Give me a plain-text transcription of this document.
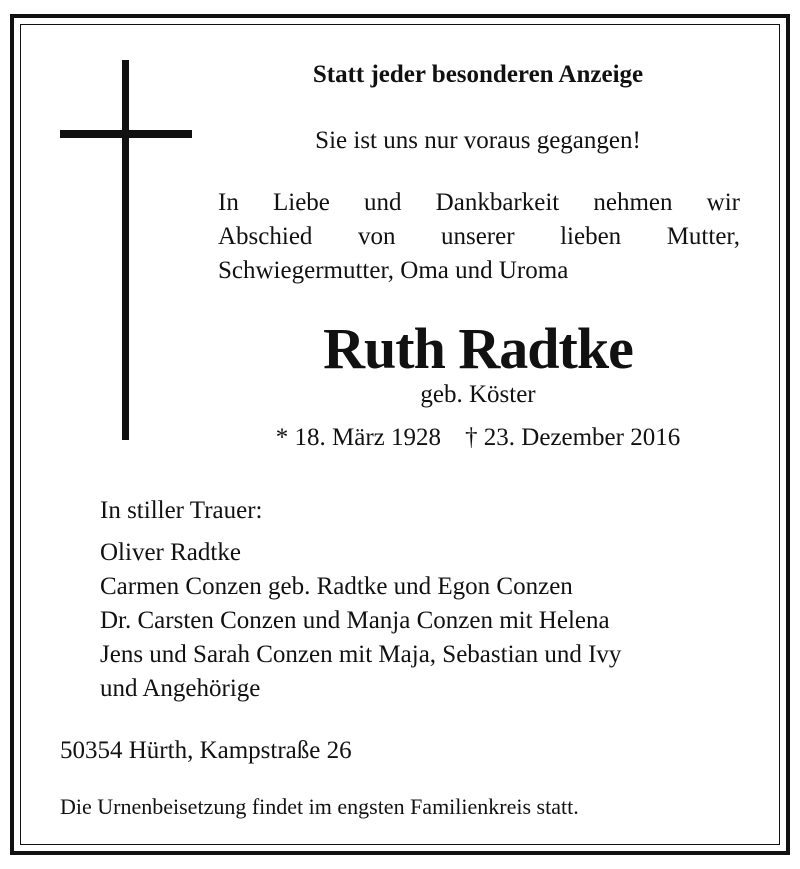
Statt jeder besonderen Anzeige
Sie ist uns nur voraus gegangen!
In Liebe und Dankbarkeit nehmen wir
Abschied von unserer lieben Mutter,
Schwiegermutter, Oma und Uroma
Ruth Radtke
geb. Köster
* 18. März 1928 † 23. Dezember 2016
In stiller Trauer:
Oliver Radtke
Carmen Conzen geb. Radtke und Egon Conzen
Dr. Carsten Conzen und Manja Conzen mit Helena
Jens und Sarah Conzen mit Maja, Sebastian und Ivy
und Angehörige
50354 Hürth, Kampstraße 26
Die Urnenbeisetzung findet im engsten Familienkreis statt.
